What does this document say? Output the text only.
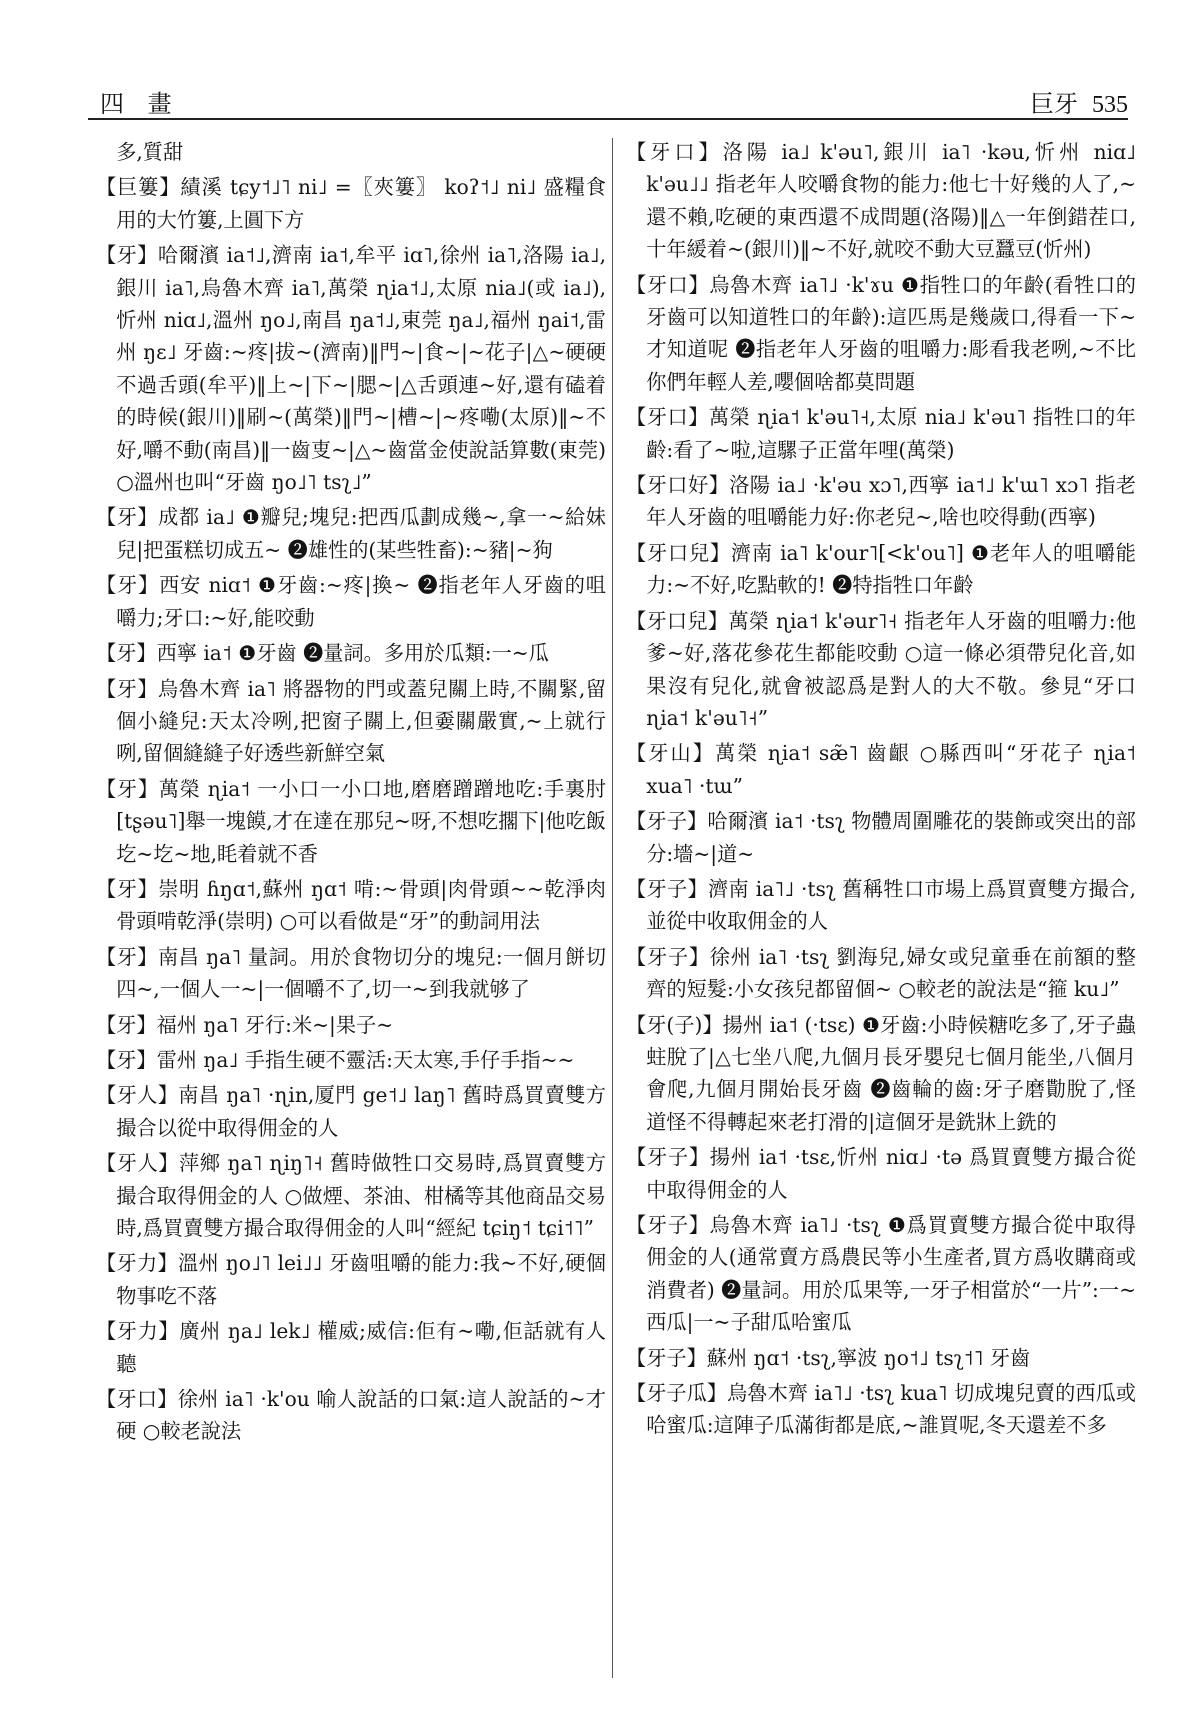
四 畫	巨牙 535

多,質甜

【巨簍】績溪 tɕy˦˩˥ ni˩ =〖夾簍〗 koʔ˦˩ ni˩ 盛糧食用的大竹簍,上圓下方

【牙】哈爾濱 ia˦˩,濟南 ia˦,牟平 iɑ˥,徐州 ia˥,洛陽 ia˩,銀川 ia˥,烏魯木齊 ia˥,萬榮 ɳia˦˩,太原 nia˩(或 ia˩),忻州 niɑ˩,溫州 ŋo˩,南昌 ŋa˦˩,東莞 ŋa˩,福州 ŋai˦,雷州 ŋɛ˩ 牙齒:~疼|拔~(濟南)‖門~|食~|~花子|△~硬硬不過舌頭(牟平)‖上~|下~|腮~|△舌頭連~好,還有磕着的時候(銀川)‖刷~(萬榮)‖門~|槽~|~疼嘞(太原)‖~不好,嚼不動(南昌)‖一齒叓~|△~齒當金使說話算數(東莞) ○溫州也叫“牙齒 ŋo˩˥ tsʅ˩”

【牙】成都 ia˩ ❶瓣兒;塊兒:把西瓜劃成幾~,拿一~給妹兒|把蛋糕切成五~ ❷雄性的(某些牲畜):~豬|~狗

【牙】西安 niɑ˦ ❶牙齒:~疼|換~ ❷指老年人牙齒的咀嚼力;牙口:~好,能咬動

【牙】西寧 ia˦ ❶牙齒 ❷量詞。多用於瓜類:一~瓜

【牙】烏魯木齊 ia˥ 將器物的門或蓋兒關上時,不關緊,留個小縫兒:天太冷咧,把窗子關上,但嫑關嚴實,~上就行咧,留個縫縫子好透些新鮮空氣

【牙】萬榮 ɳia˦ 一小口一小口地,磨磨蹭蹭地吃:手裏肘[tʂəu˥]舉一塊饃,才在達在那兒~呀,不想吃擱下|他吃飯圪~圪~地,眊着就不香

【牙】崇明 ɦŋɑ˦,蘇州 ŋɑ˦ 啃:~骨頭|肉骨頭~~乾淨肉骨頭啃乾淨(崇明) ○可以看做是“牙”的動詞用法

【牙】南昌 ŋa˥ 量詞。用於食物切分的塊兒:一個月餅切四~,一個人一~|一個嚼不了,切一~到我就够了

【牙】福州 ŋa˥ 牙行:米~|果子~

【牙】雷州 ŋa˩ 手指生硬不靈活:天太寒,手仔手指~~

【牙人】南昌 ŋa˥ ·ɳin,厦門 ge˦˩ laŋ˥ 舊時爲買賣雙方撮合以從中取得佣金的人

【牙人】萍鄉 ŋa˥ ɳiŋ˥˧ 舊時做牲口交易時,爲買賣雙方撮合取得佣金的人 ○做煙、茶油、柑橘等其他商品交易時,爲買賣雙方撮合取得佣金的人叫“經紀 tɕiŋ˦ tɕi˦˥”

【牙力】溫州 ŋo˩˥ lei˩˩ 牙齒咀嚼的能力:我~不好,硬個物事吃不落

【牙力】廣州 ŋa˩ lek˩ 權威;威信:佢有~嘞,佢話就有人聽

【牙口】徐州 ia˥ ·k'ou 喻人說話的口氣:這人說話的~才硬 ○較老說法

【牙口】洛陽 ia˩ k'əu˥,銀川 ia˥ ·kəu,忻州 niɑ˩ k'əu˩˩ 指老年人咬嚼食物的能力:他七十好幾的人了,~還不賴,吃硬的東西還不成問題(洛陽)‖△一年倒錯茬口,十年緩着~(銀川)‖~不好,就咬不動大豆蠶豆(忻州)

【牙口】烏魯木齊 ia˥˩ ·k'ɤu ❶指牲口的年齡(看牲口的牙齒可以知道牲口的年齡):這匹馬是幾歲口,得看一下~才知道呢 ❷指老年人牙齒的咀嚼力:彫看我老咧,~不比你們年輕人差,嚶個啥都莫問題

【牙口】萬榮 ɳia˦ k'əu˥˧,太原 nia˩ k'əu˥ 指牲口的年齡:看了~啦,這騾子正當年哩(萬榮)

【牙口好】洛陽 ia˩ ·k'əu xɔ˥,西寧 ia˦˩ k'ɯ˥ xɔ˥ 指老年人牙齒的咀嚼能力好:你老兒~,啥也咬得動(西寧)

【牙口兒】濟南 ia˥ k'our˥[<k'ou˥] ❶老年人的咀嚼能力:~不好,吃點軟的! ❷特指牲口年齡

【牙口兒】萬榮 ɳia˦ k'əur˥˧ 指老年人牙齒的咀嚼力:他爹~好,落花參花生都能咬動 ○這一條必須帶兒化音,如果沒有兒化,就會被認爲是對人的大不敬。參見“牙口 ɳia˦ k'əu˥˧”

【牙山】萬榮 ɳia˦ sæ̃˥ 齒齦 ○縣西叫“牙花子 ɳia˦ xua˥ ·tɯ”

【牙子】哈爾濱 ia˦ ·tsʅ 物體周圍雕花的裝飾或突出的部分:墻~|道~

【牙子】濟南 ia˥˩ ·tsʅ 舊稱牲口市場上爲買賣雙方撮合,並從中收取佣金的人

【牙子】徐州 ia˥ ·tsʅ 劉海兒,婦女或兒童垂在前額的整齊的短髮:小女孩兒都留個~ ○較老的說法是“箍 ku˩”

【牙(子)】揚州 ia˦ (·tsɛ) ❶牙齒:小時候糖吃多了,牙子蟲蛀脫了|△七坐八爬,九個月長牙嬰兒七個月能坐,八個月會爬,九個月開始長牙齒 ❷齒輪的齒:牙子磨勩脫了,怪道怪不得轉起來老打滑的|這個牙是銑牀上銑的

【牙子】揚州 ia˦ ·tsɛ,忻州 niɑ˩ ·tə 爲買賣雙方撮合從中取得佣金的人

【牙子】烏魯木齊 ia˥˩ ·tsʅ ❶爲買賣雙方撮合從中取得佣金的人(通常賣方爲農民等小生產者,買方爲收購商或消費者) ❷量詞。用於瓜果等,一牙子相當於“一片”:一~西瓜|一~子甜瓜哈蜜瓜

【牙子】蘇州 ŋɑ˦ ·tsʅ,寧波 ŋo˦˩ tsʅ˦˥ 牙齒

【牙子瓜】烏魯木齊 ia˥˩ ·tsʅ kua˥ 切成塊兒賣的西瓜或哈蜜瓜:這陣子瓜滿街都是底,~誰買呢,冬天還差不多
